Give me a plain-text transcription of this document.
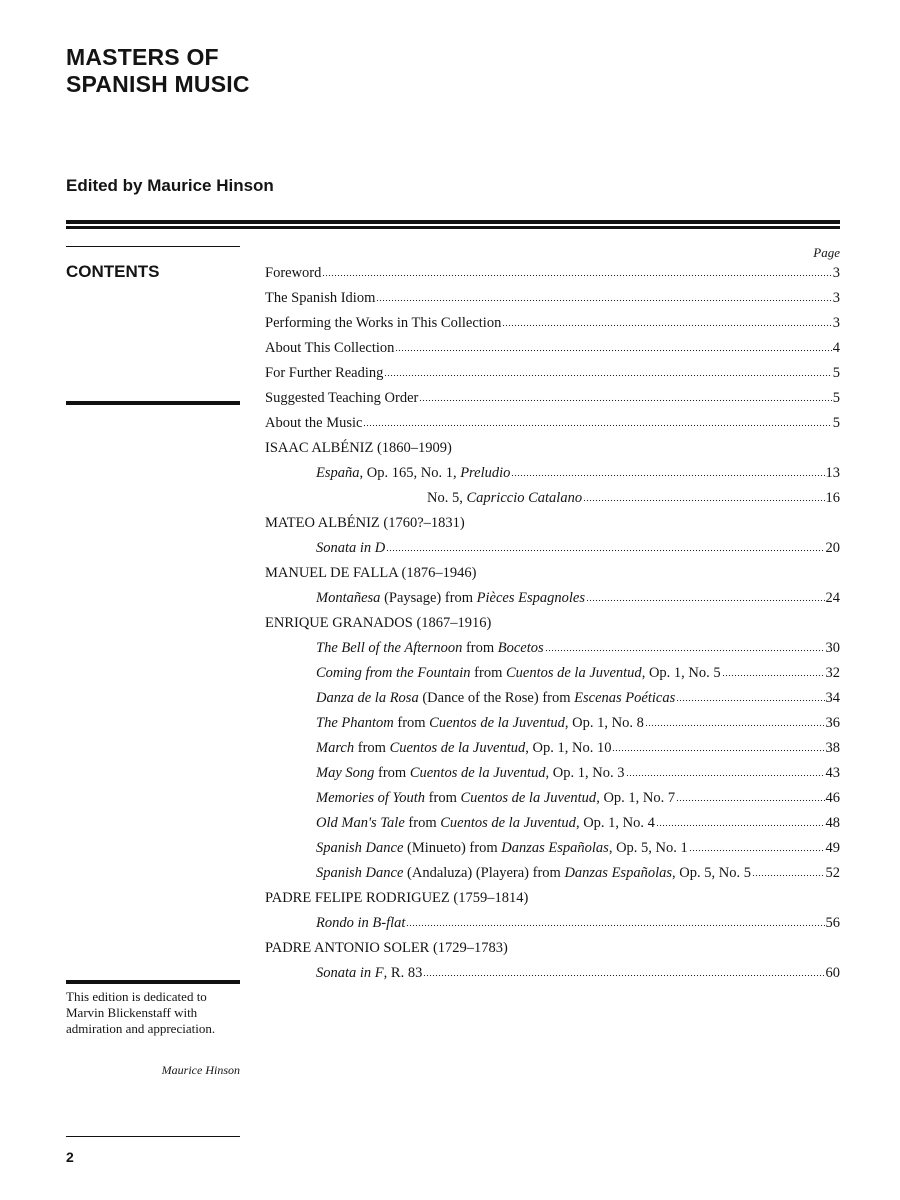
MASTERS OF
SPANISH MUSIC
Edited by Maurice Hinson
CONTENTS
Page
Foreword	3
The Spanish Idiom	3
Performing the Works in This Collection	3
About This Collection	4
For Further Reading	5
Suggested Teaching Order	5
About the Music	5
ISAAC ALBÉNIZ (1860–1909)
España, Op. 165, No. 1, Preludio	13
No. 5, Capriccio Catalano	16
MATEO ALBÉNIZ (1760?–1831)
Sonata in D	20
MANUEL DE FALLA (1876–1946)
Montañesa (Paysage) from Pièces Espagnoles	24
ENRIQUE GRANADOS (1867–1916)
The Bell of the Afternoon from Bocetos	30
Coming from the Fountain from Cuentos de la Juventud, Op. 1, No. 5	32
Danza de la Rosa (Dance of the Rose) from Escenas Poéticas	34
The Phantom from Cuentos de la Juventud, Op. 1, No. 8	36
March from Cuentos de la Juventud, Op. 1, No. 10	38
May Song from Cuentos de la Juventud, Op. 1, No. 3	43
Memories of Youth from Cuentos de la Juventud, Op. 1, No. 7	46
Old Man's Tale from Cuentos de la Juventud, Op. 1, No. 4	48
Spanish Dance (Minueto) from Danzas Españolas, Op. 5, No. 1	49
Spanish Dance (Andaluza) (Playera) from Danzas Españolas, Op. 5, No. 5	52
PADRE FELIPE RODRIGUEZ (1759–1814)
Rondo in B-flat	56
PADRE ANTONIO SOLER (1729–1783)
Sonata in F, R. 83	60

This edition is dedicated to Marvin Blickenstaff with admiration and appreciation.

Maurice Hinson
2
